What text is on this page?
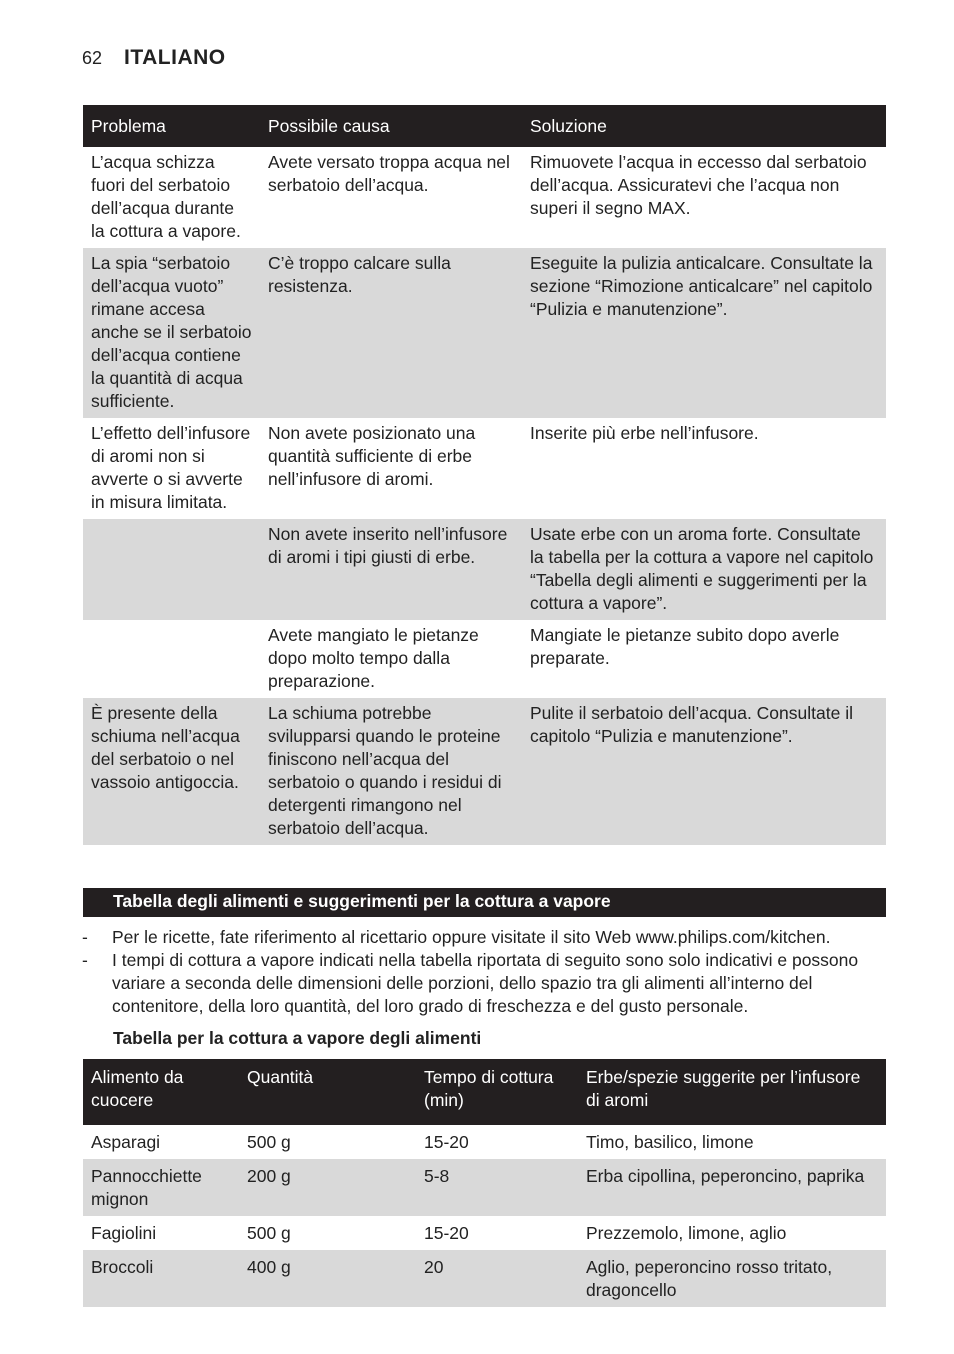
62 ITALIANO
Problema	Possibile causa	Soluzione
L’acqua schizza fuori del serbatoio dell’acqua durante la cottura a vapore.	Avete versato troppa acqua nel serbatoio dell’acqua.	Rimuovete l’acqua in eccesso dal serbatoio dell’acqua. Assicuratevi che l’acqua non superi il segno MAX.
La spia “serbatoio dell’acqua vuoto” rimane accesa anche se il serbatoio dell’acqua contiene la quantità di acqua sufficiente.	C’è troppo calcare sulla resistenza.	Eseguite la pulizia anticalcare. Consultate la sezione “Rimozione anticalcare” nel capitolo “Pulizia e manutenzione”.
L’effetto dell’infusore di aromi non si avverte o si avverte in misura limitata.	Non avete posizionato una quantità sufficiente di erbe nell’infusore di aromi.	Inserite più erbe nell’infusore.
	Non avete inserito nell’infusore di aromi i tipi giusti di erbe.	Usate erbe con un aroma forte. Consultate la tabella per la cottura a vapore nel capitolo “Tabella degli alimenti e suggerimenti per la cottura a vapore”.
	Avete mangiato le pietanze dopo molto tempo dalla preparazione.	Mangiate le pietanze subito dopo averle preparate.
È presente della schiuma nell’acqua del serbatoio o nel vassoio antigoccia.	La schiuma potrebbe svilupparsi quando le proteine finiscono nell’acqua del serbatoio o quando i residui di detergenti rimangono nel serbatoio dell’acqua.	Pulite il serbatoio dell’acqua. Consultate il capitolo “Pulizia e manutenzione”.
Tabella degli alimenti e suggerimenti per la cottura a vapore
- Per le ricette, fate riferimento al ricettario oppure visitate il sito Web www.philips.com/kitchen.
- I tempi di cottura a vapore indicati nella tabella riportata di seguito sono solo indicativi e possono variare a seconda delle dimensioni delle porzioni, dello spazio tra gli alimenti all’interno del contenitore, della loro quantità, del loro grado di freschezza e del gusto personale.
Tabella per la cottura a vapore degli alimenti
Alimento da cuocere	Quantità	Tempo di cottura (min)	Erbe/spezie suggerite per l’infusore di aromi
Asparagi	500 g	15-20	Timo, basilico, limone
Pannocchiette mignon	200 g	5-8	Erba cipollina, peperoncino, paprika
Fagiolini	500 g	15-20	Prezzemolo, limone, aglio
Broccoli	400 g	20	Aglio, peperoncino rosso tritato, dragoncello
